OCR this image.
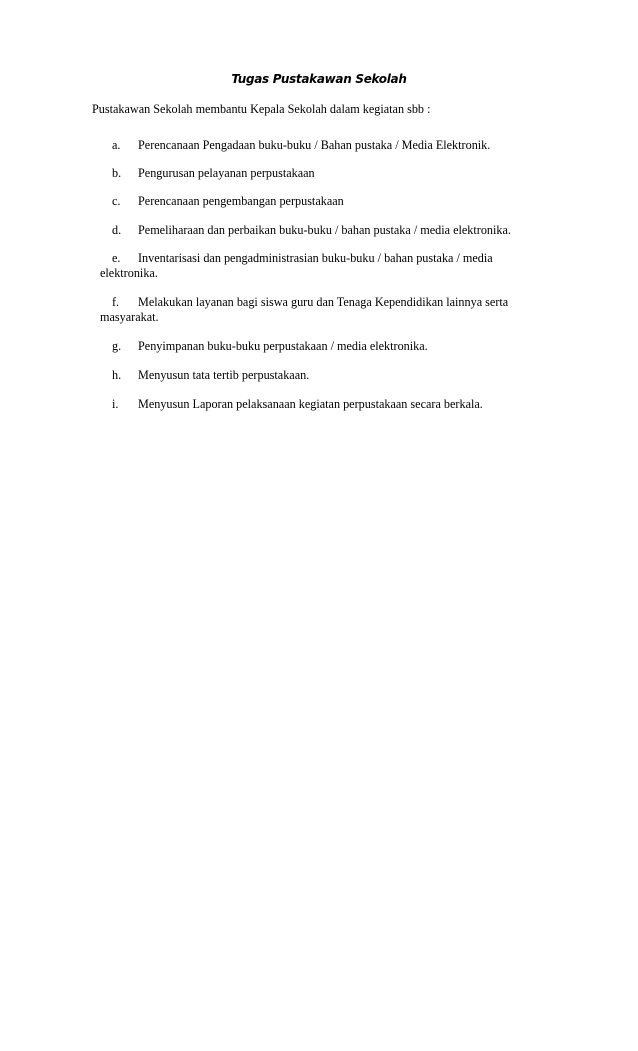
Tugas Pustakawan Sekolah

Pustakawan Sekolah membantu Kepala Sekolah dalam kegiatan sbb :

a. Perencanaan Pengadaan buku-buku / Bahan pustaka / Media Elektronik.
b. Pengurusan pelayanan perpustakaan
c. Perencanaan pengembangan perpustakaan
d. Pemeliharaan dan perbaikan buku-buku / bahan pustaka / media elektronika.
e. Inventarisasi dan pengadministrasian buku-buku / bahan pustaka / media elektronika.
f. Melakukan layanan bagi siswa guru dan Tenaga Kependidikan lainnya serta masyarakat.
g. Penyimpanan buku-buku perpustakaan / media elektronika.
h. Menyusun tata tertib perpustakaan.
i. Menyusun Laporan pelaksanaan kegiatan perpustakaan secara berkala.
